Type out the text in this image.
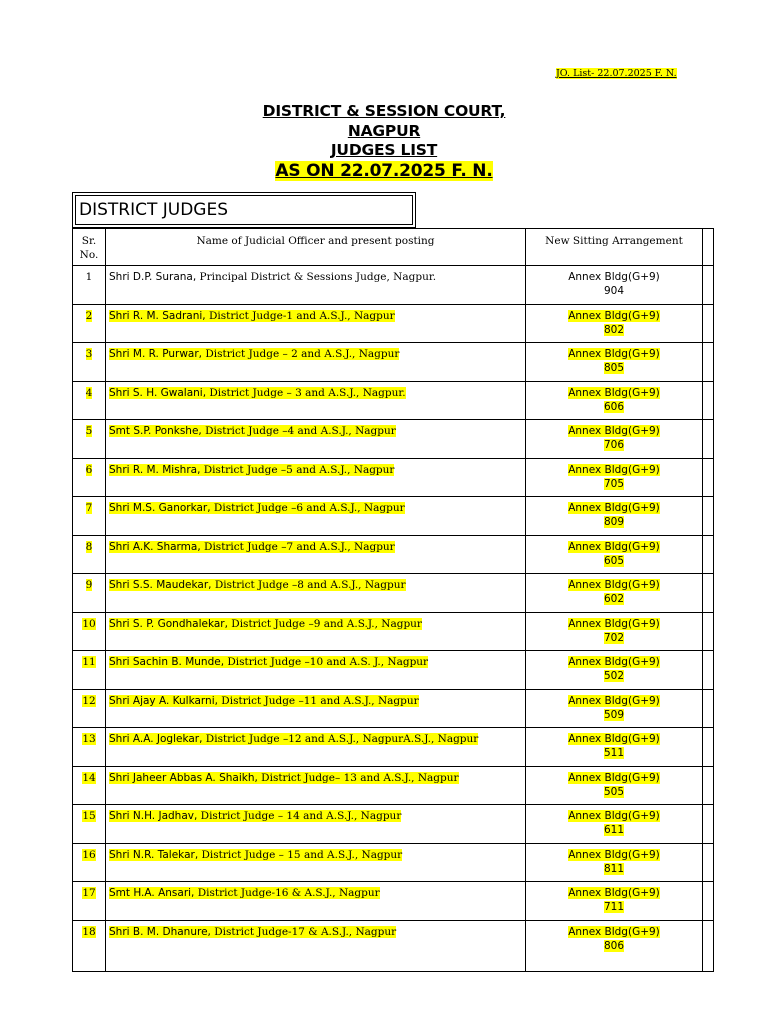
JO. List- 22.07.2025 F. N.
DISTRICT & SESSION COURT,
NAGPUR
JUDGES LIST
AS ON 22.07.2025 F. N.
DISTRICT JUDGES
Sr. No.	Name of Judicial Officer and present posting	New Sitting Arrangement	
1	Shri D.P. Surana, Principal District & Sessions Judge, Nagpur.	Annex Bldg(G+9)
904	
2	Shri R. M. Sadrani, District Judge-1 and A.S.J., Nagpur	Annex Bldg(G+9)
802	
3	Shri M. R. Purwar, District Judge – 2 and A.S.J., Nagpur	Annex Bldg(G+9)
805	
4	Shri S. H. Gwalani, District Judge – 3 and A.S.J., Nagpur.	Annex Bldg(G+9)
606	
5	Smt S.P. Ponkshe, District Judge –4 and A.S.J., Nagpur	Annex Bldg(G+9)
706	
6	Shri R. M. Mishra, District Judge –5 and A.S.J., Nagpur	Annex Bldg(G+9)
705	
7	Shri M.S. Ganorkar, District Judge –6 and A.S.J., Nagpur	Annex Bldg(G+9)
809	
8	Shri A.K. Sharma, District Judge –7 and A.S.J., Nagpur	Annex Bldg(G+9)
605	
9	Shri S.S. Maudekar, District Judge –8 and A.S.J., Nagpur	Annex Bldg(G+9)
602	
10	Shri S. P. Gondhalekar, District Judge –9 and A.S.J., Nagpur	Annex Bldg(G+9)
702	
11	Shri Sachin B. Munde, District Judge –10 and A.S. J., Nagpur	Annex Bldg(G+9)
502	
12	Shri Ajay A. Kulkarni, District Judge –11 and A.S.J., Nagpur	Annex Bldg(G+9)
509	
13	Shri A.A. Joglekar, District Judge –12 and A.S.J., NagpurA.S.J., Nagpur	Annex Bldg(G+9)
511	
14	Shri Jaheer Abbas A. Shaikh, District Judge– 13 and A.S.J., Nagpur	Annex Bldg(G+9)
505	
15	Shri N.H. Jadhav, District Judge – 14 and A.S.J., Nagpur	Annex Bldg(G+9)
611	
16	Shri N.R. Talekar, District Judge – 15 and A.S.J., Nagpur	Annex Bldg(G+9)
811	
17	Smt H.A. Ansari, District Judge-16 & A.S.J., Nagpur	Annex Bldg(G+9)
711	
18	Shri B. M. Dhanure, District Judge-17 & A.S.J., Nagpur	Annex Bldg(G+9)
806	
